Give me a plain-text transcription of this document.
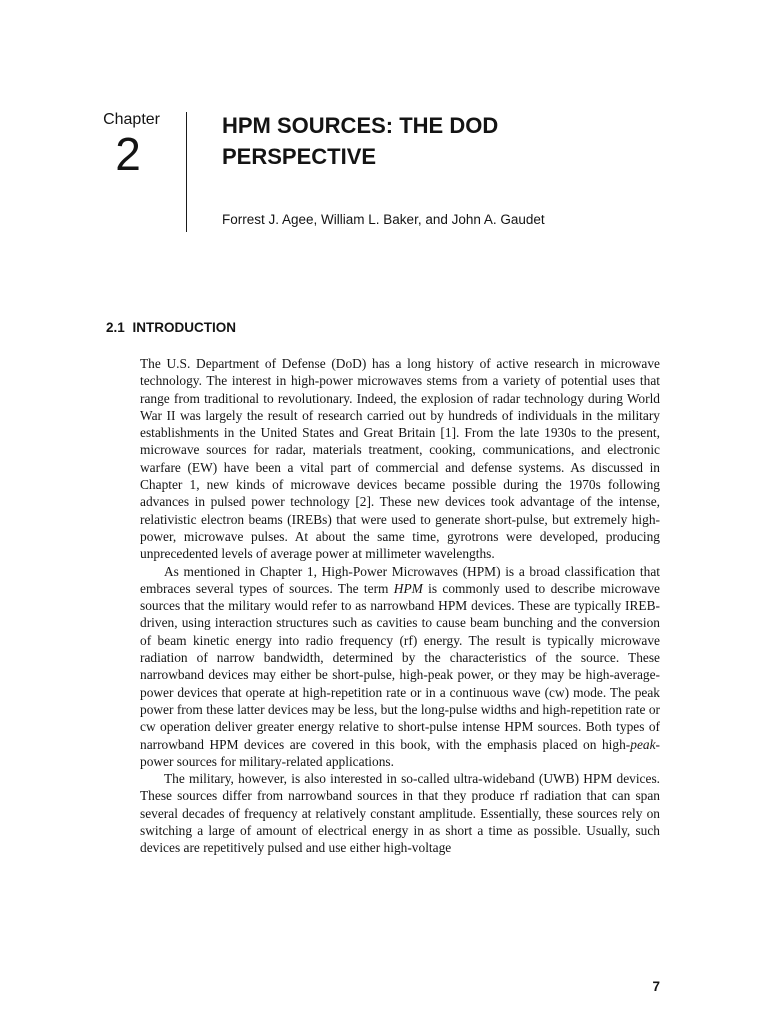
Chapter
2
HPM SOURCES: THE DOD
PERSPECTIVE
Forrest J. Agee, William L. Baker, and John A. Gaudet
2.1 INTRODUCTION

The U.S. Department of Defense (DoD) has a long history of active research in microwave technology. The interest in high-power microwaves stems from a variety of potential uses that range from traditional to revolutionary. Indeed, the explosion of radar technology during World War II was largely the result of research carried out by hundreds of individuals in the military establishments in the United States and Great Britain [1]. From the late 1930s to the present, microwave sources for radar, materials treatment, cooking, communications, and electronic warfare (EW) have been a vital part of commercial and defense systems. As discussed in Chapter 1, new kinds of microwave devices became possible during the 1970s following advances in pulsed power technology [2]. These new devices took advantage of the intense, relativistic electron beams (IREBs) that were used to generate short-pulse, but extremely high-power, microwave pulses. At about the same time, gyrotrons were developed, producing unprecedented levels of average power at millimeter wavelengths.

As mentioned in Chapter 1, High-Power Microwaves (HPM) is a broad classification that embraces several types of sources. The term HPM is commonly used to describe microwave sources that the military would refer to as narrowband HPM devices. These are typically IREB-driven, using interaction structures such as cavities to cause beam bunching and the conversion of beam kinetic energy into radio frequency (rf) energy. The result is typically microwave radiation of narrow bandwidth, determined by the characteristics of the source. These narrowband devices may either be short-pulse, high-peak power, or they may be high-average-power devices that operate at high-repetition rate or in a continuous wave (cw) mode. The peak power from these latter devices may be less, but the long-pulse widths and high-repetition rate or cw operation deliver greater energy relative to short-pulse intense HPM sources. Both types of narrowband HPM devices are covered in this book, with the emphasis placed on high-peak-power sources for military-related applications.

The military, however, is also interested in so-called ultra-wideband (UWB) HPM devices. These sources differ from narrowband sources in that they produce rf radiation that can span several decades of frequency at relatively constant amplitude. Essentially, these sources rely on switching a large of amount of electrical energy in as short a time as possible. Usually, such devices are repetitively pulsed and use either high-voltage

7
